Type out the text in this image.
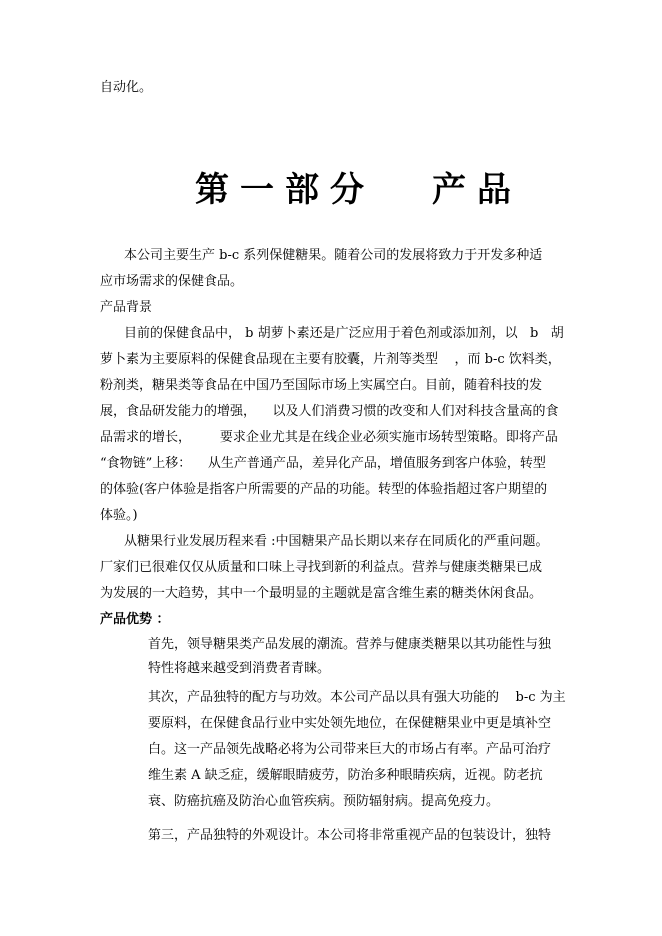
自动化。
第一部分 产品
本公司主要生产 b-c 系列保健糖果。随着公司的发展将致力于开发多种适
应市场需求的保健食品。
产品背景
目前的保健食品中， b 胡萝卜素还是广泛应用于着色剂或添加剂，以   b   胡
萝卜素为主要原料的保健食品现在主要有胶囊，片剂等类型    ，而 b-c 饮料类，
粉剂类，糖果类等食品在中国乃至国际市场上实属空白。目前，随着科技的发
展，食品研发能力的增强，    以及人们消费习惯的改变和人们对科技含量高的食
品需求的增长，       要求企业尤其是在线企业必须实施市场转型策略。即将产品
“食物链”上移：    从生产普通产品，差异化产品，增值服务到客户体验，转型
的体验(客户体验是指客户所需要的产品的功能。转型的体验指超过客户期望的
体验。)
从糖果行业发展历程来看 :中国糖果产品长期以来存在同质化的严重问题。
厂家们已很难仅仅从质量和口味上寻找到新的利益点。营养与健康类糖果已成
为发展的一大趋势，其中一个最明显的主题就是富含维生素的糖类休闲食品。
产品优势 ：
首先，领导糖果类产品发展的潮流。营养与健康类糖果以其功能性与独
特性将越来越受到消费者青睐。
其次，产品独特的配方与功效。本公司产品以具有强大功能的    b-c 为主
要原料，在保健食品行业中实处领先地位，在保健糖果业中更是填补空
白。这一产品领先战略必将为公司带来巨大的市场占有率。产品可治疗
维生素 A 缺乏症，缓解眼睛疲劳，防治多种眼睛疾病，近视。防老抗
衰、防癌抗癌及防治心血管疾病。预防辐射病。提高免疫力。
第三，产品独特的外观设计。本公司将非常重视产品的包装设计，独特
